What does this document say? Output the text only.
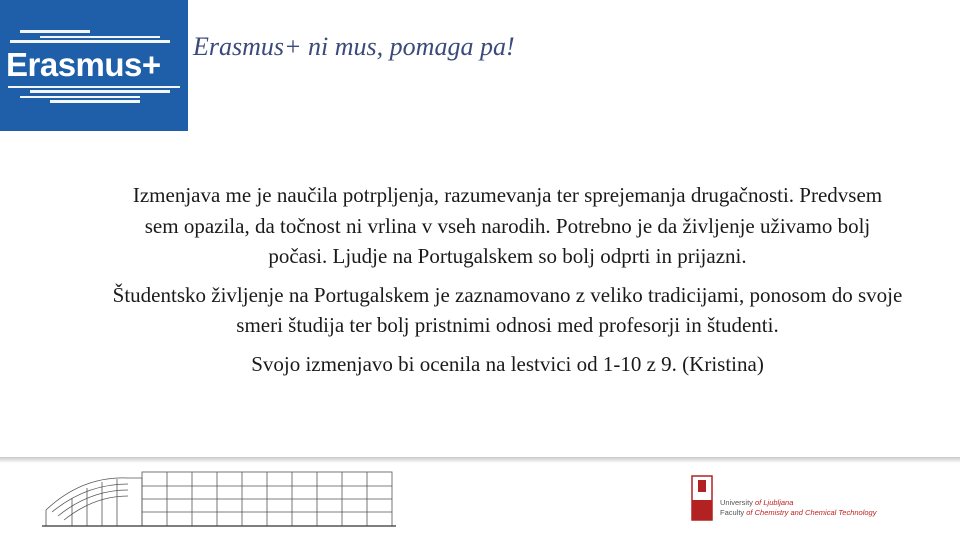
Erasmus+ Erasmus+ ni mus, pomaga pa!

Izmenjava me je naučila potrpljenja, razumevanja ter sprejemanja drugačnosti. Predvsem sem opazila, da točnost ni vrlina v vseh narodih. Potrebno je da življenje uživamo bolj počasi. Ljudje na Portugalskem so bolj odprti in prijazni.

Študentsko življenje na Portugalskem je zaznamovano z veliko tradicijami, ponosom do svoje smeri študija ter bolj pristnimi odnosi med profesorji in študenti.

Svojo izmenjavo bi ocenila na lestvici od 1-10 z 9. (Kristina)

University of Ljubljana
Faculty of Chemistry and Chemical Technology
